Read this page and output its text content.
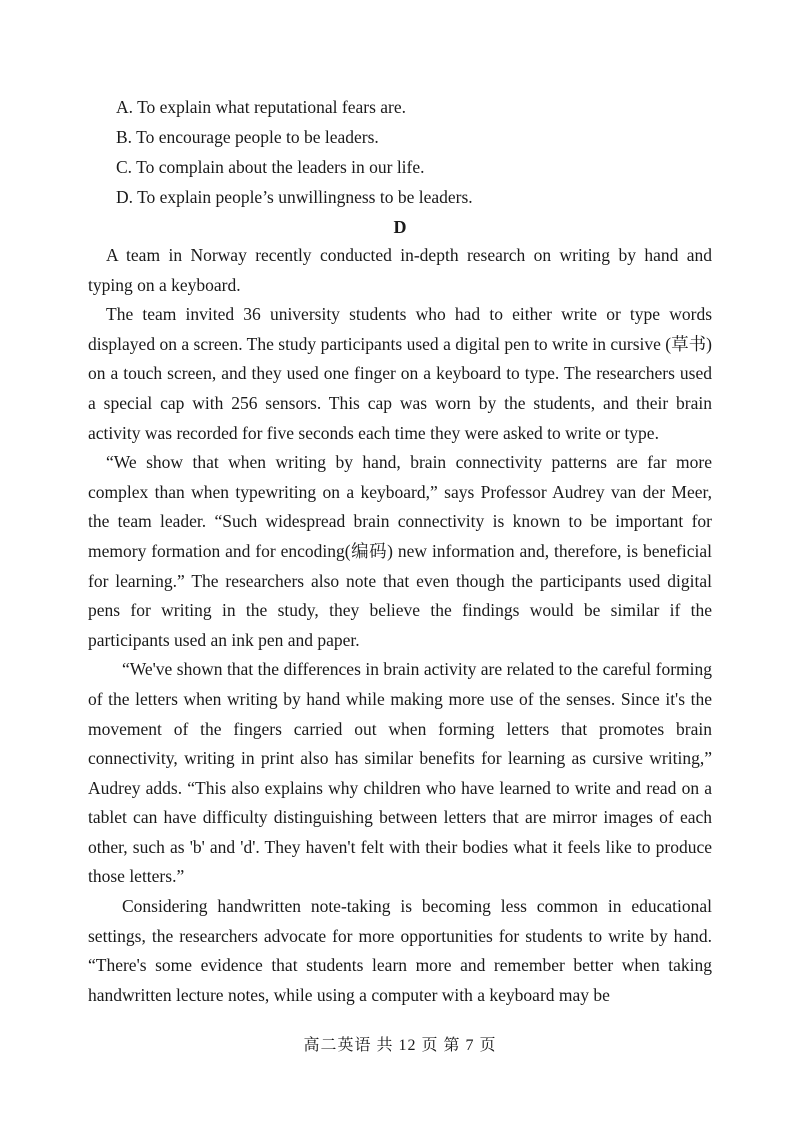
A. To explain what reputational fears are.
B. To encourage people to be leaders.
C. To complain about the leaders in our life.
D. To explain people’s unwillingness to be leaders.
D

A team in Norway recently conducted in-depth research on writing by hand and typing on a keyboard.

The team invited 36 university students who had to either write or type words displayed on a screen. The study participants used a digital pen to write in cursive (草书) on a touch screen, and they used one finger on a keyboard to type. The researchers used a special cap with 256 sensors. This cap was worn by the students, and their brain activity was recorded for five seconds each time they were asked to write or type.

“We show that when writing by hand, brain connectivity patterns are far more complex than when typewriting on a keyboard,” says Professor Audrey van der Meer, the team leader. “Such widespread brain connectivity is known to be important for memory formation and for encoding(编码) new information and, therefore, is beneficial for learning.” The researchers also note that even though the participants used digital pens for writing in the study, they believe the findings would be similar if the participants used an ink pen and paper.

“We've shown that the differences in brain activity are related to the careful forming of the letters when writing by hand while making more use of the senses. Since it's the movement of the fingers carried out when forming letters that promotes brain connectivity, writing in print also has similar benefits for learning as cursive writing,” Audrey adds. “This also explains why children who have learned to write and read on a tablet can have difficulty distinguishing between letters that are mirror images of each other, such as 'b' and 'd'. They haven't felt with their bodies what it feels like to produce those letters.”

Considering handwritten note-taking is becoming less common in educational settings, the researchers advocate for more opportunities for students to write by hand. “There's some evidence that students learn more and remember better when taking handwritten lecture notes, while using a computer with a keyboard may be

高二英语 共 12 页 第 7 页
